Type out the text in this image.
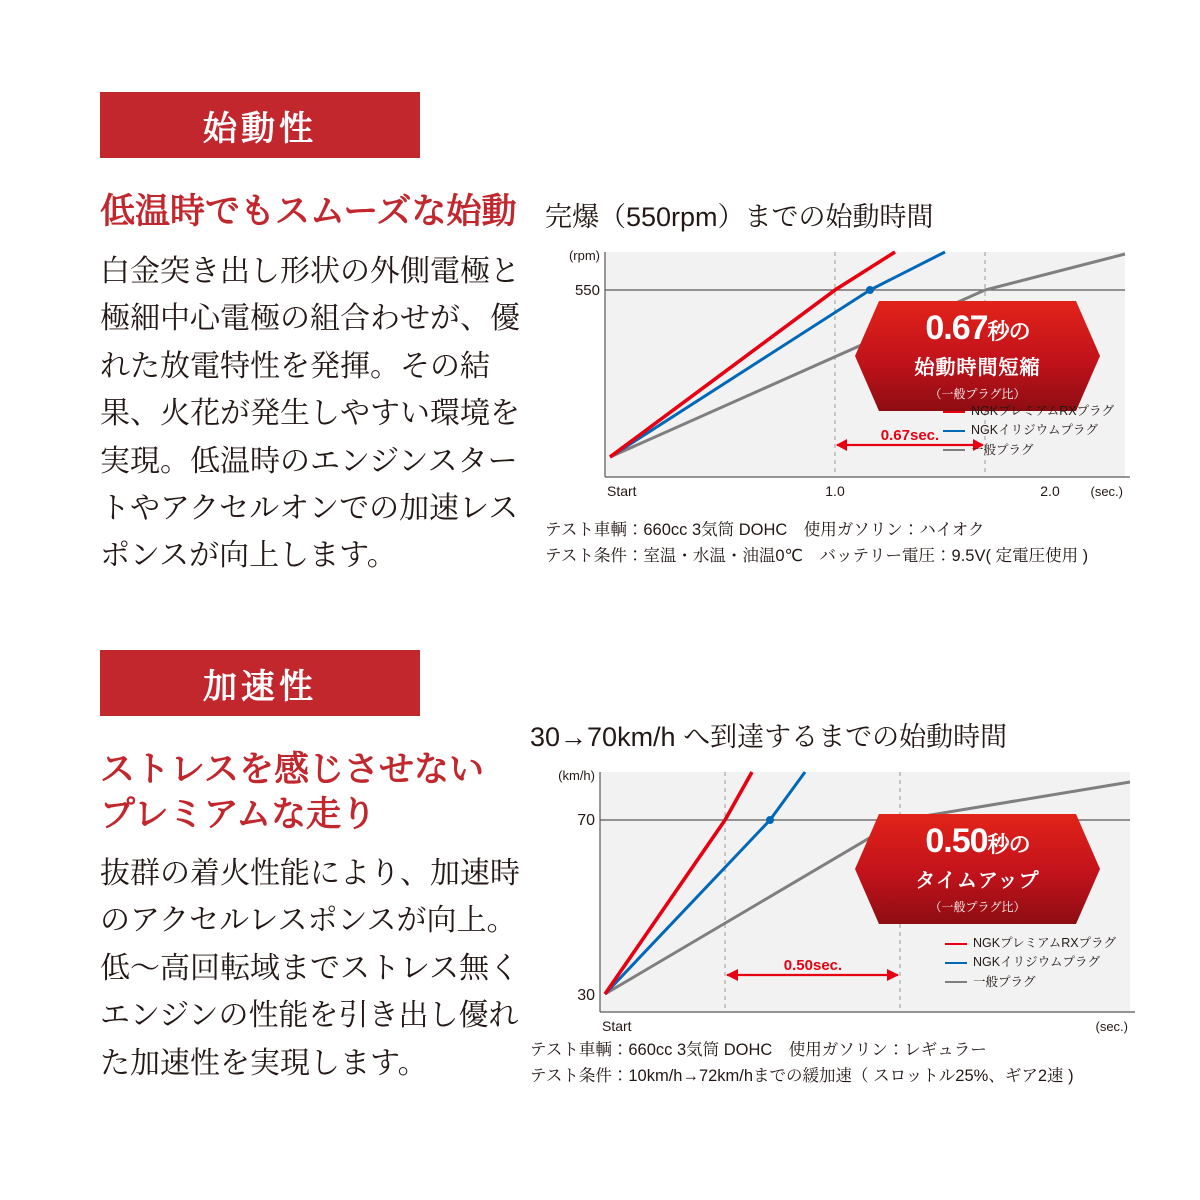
始動性
低温時でもスムーズな始動
白金突き出し形状の外側電極と極細中心電極の組合わせが、優れた放電特性を発揮。その結果、火花が発生しやすい環境を実現。低温時のエンジンスタートやアクセルオンでの加速レスポンスが向上します。
完爆（550rpm）までの始動時間
(rpm)
550
Start	1.0	2.0 (sec.)
0.67sec.
0.67秒の
始動時間短縮
（一般プラグ比）
NGKプレミアムRXプラグ
NGKイリジウムプラグ
一般プラグ
テスト車輌：660cc 3気筒 DOHC　使用ガソリン：ハイオク
テスト条件：室温・水温・油温0℃　バッテリー電圧：9.5V( 定電圧使用 )
加速性
ストレスを感じさせない
プレミアムな走り
抜群の着火性能により、加速時のアクセルレスポンスが向上。低〜高回転域までストレス無くエンジンの性能を引き出し優れた加速性を実現します。
30→70km/h へ到達するまでの始動時間
(km/h)
70
30
Start	(sec.)
0.50sec.
0.50秒の
タイムアップ
（一般プラグ比）
NGKプレミアムRXプラグ
NGKイリジウムプラグ
一般プラグ
テスト車輌：660cc 3気筒 DOHC　使用ガソリン：レギュラー
テスト条件：10km/h→72km/hまでの緩加速（ スロットル25%、ギア2速 )
